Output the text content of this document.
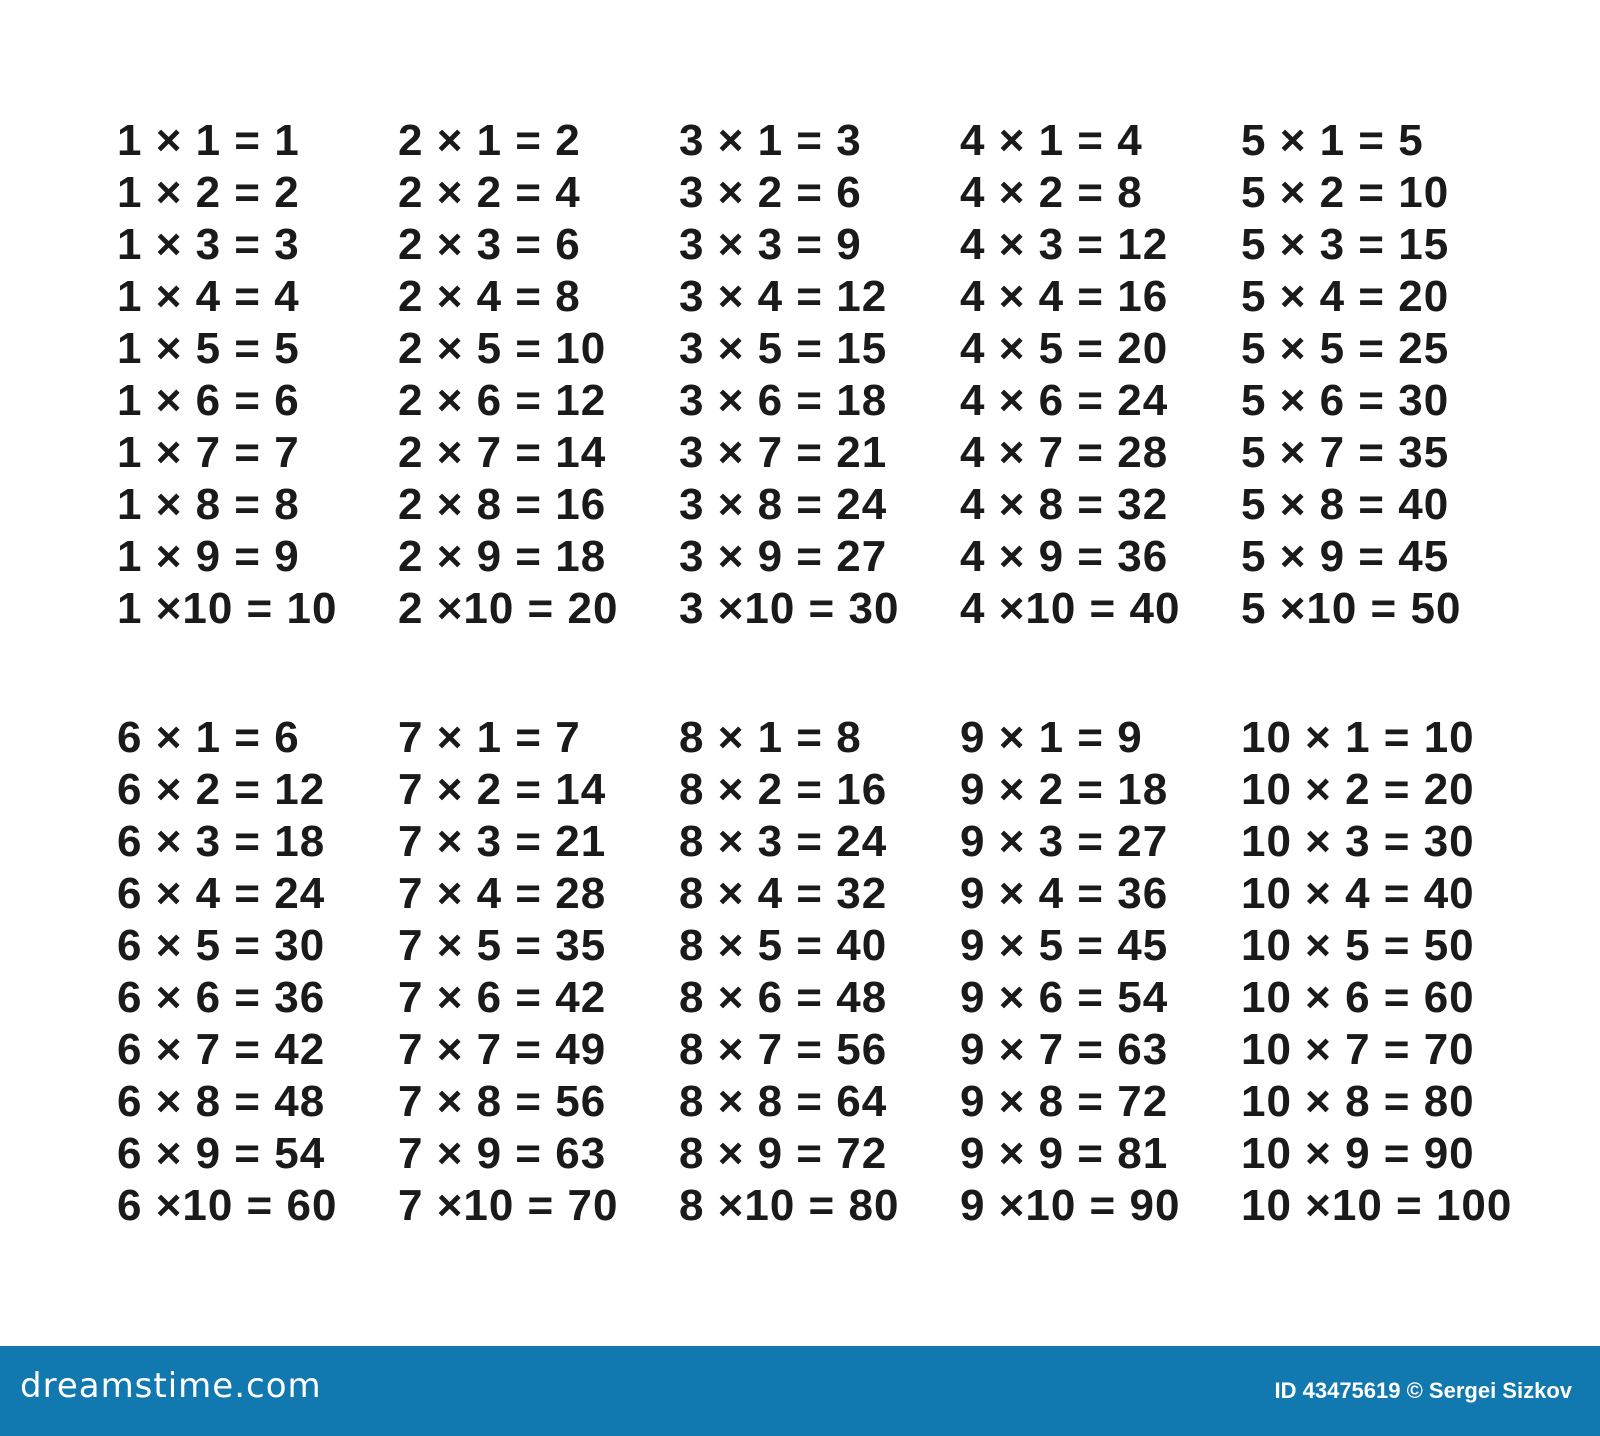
1 × 1 = 1
1 × 2 = 2
1 × 3 = 3
1 × 4 = 4
1 × 5 = 5
1 × 6 = 6
1 × 7 = 7
1 × 8 = 8
1 × 9 = 9
1 ×10 = 10
2 × 1 = 2
2 × 2 = 4
2 × 3 = 6
2 × 4 = 8
2 × 5 = 10
2 × 6 = 12
2 × 7 = 14
2 × 8 = 16
2 × 9 = 18
2 ×10 = 20
3 × 1 = 3
3 × 2 = 6
3 × 3 = 9
3 × 4 = 12
3 × 5 = 15
3 × 6 = 18
3 × 7 = 21
3 × 8 = 24
3 × 9 = 27
3 ×10 = 30
4 × 1 = 4
4 × 2 = 8
4 × 3 = 12
4 × 4 = 16
4 × 5 = 20
4 × 6 = 24
4 × 7 = 28
4 × 8 = 32
4 × 9 = 36
4 ×10 = 40
5 × 1 = 5
5 × 2 = 10
5 × 3 = 15
5 × 4 = 20
5 × 5 = 25
5 × 6 = 30
5 × 7 = 35
5 × 8 = 40
5 × 9 = 45
5 ×10 = 50
6 × 1 = 6
6 × 2 = 12
6 × 3 = 18
6 × 4 = 24
6 × 5 = 30
6 × 6 = 36
6 × 7 = 42
6 × 8 = 48
6 × 9 = 54
6 ×10 = 60
7 × 1 = 7
7 × 2 = 14
7 × 3 = 21
7 × 4 = 28
7 × 5 = 35
7 × 6 = 42
7 × 7 = 49
7 × 8 = 56
7 × 9 = 63
7 ×10 = 70
8 × 1 = 8
8 × 2 = 16
8 × 3 = 24
8 × 4 = 32
8 × 5 = 40
8 × 6 = 48
8 × 7 = 56
8 × 8 = 64
8 × 9 = 72
8 ×10 = 80
9 × 1 = 9
9 × 2 = 18
9 × 3 = 27
9 × 4 = 36
9 × 5 = 45
9 × 6 = 54
9 × 7 = 63
9 × 8 = 72
9 × 9 = 81
9 ×10 = 90
10 × 1 = 10
10 × 2 = 20
10 × 3 = 30
10 × 4 = 40
10 × 5 = 50
10 × 6 = 60
10 × 7 = 70
10 × 8 = 80
10 × 9 = 90
10 ×10 = 100
dreamstime.com	ID 43475619 © Sergei Sizkov
